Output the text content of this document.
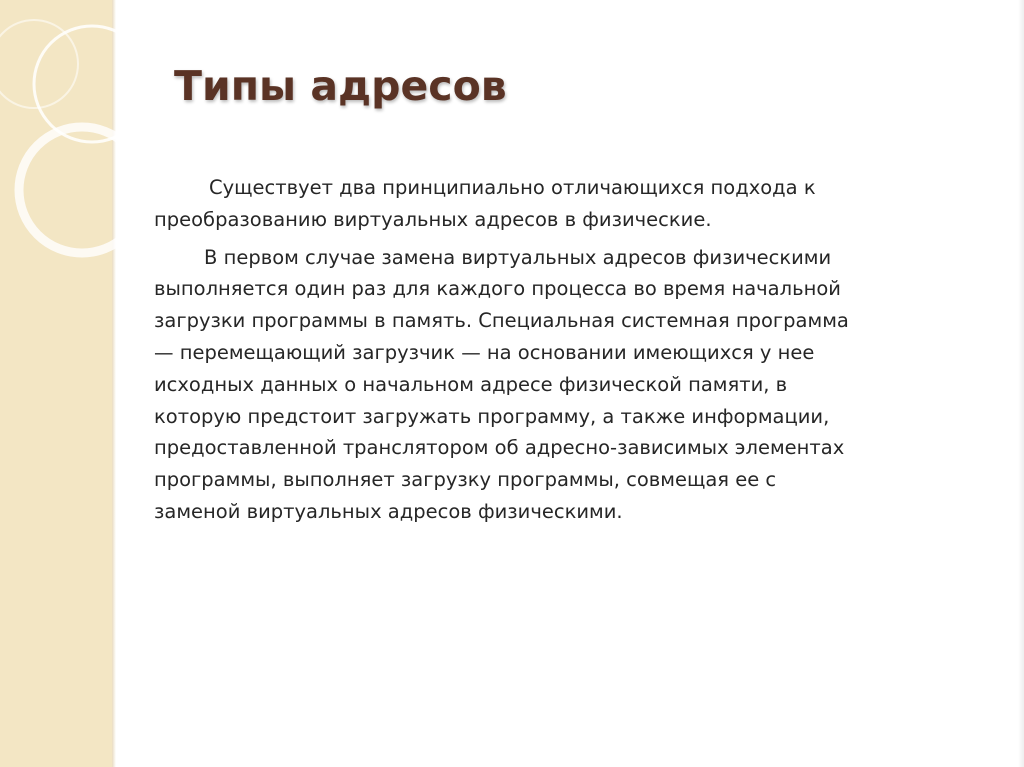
Типы адресов

Существует два принципиально отличающихся подхода к
преобразованию виртуальных адресов в физические.

В первом случае замена виртуальных адресов физическими
выполняется один раз для каждого процесса во время начальной
загрузки программы в память. Специальная системная программа
— перемещающий загрузчик — на основании имеющихся у нее
исходных данных о начальном адресе физической памяти, в
которую предстоит загружать программу, а также информации,
предоставленной транслятором об адресно-зависимых элементах
программы, выполняет загрузку программы, совмещая ее с
заменой виртуальных адресов физическими.
